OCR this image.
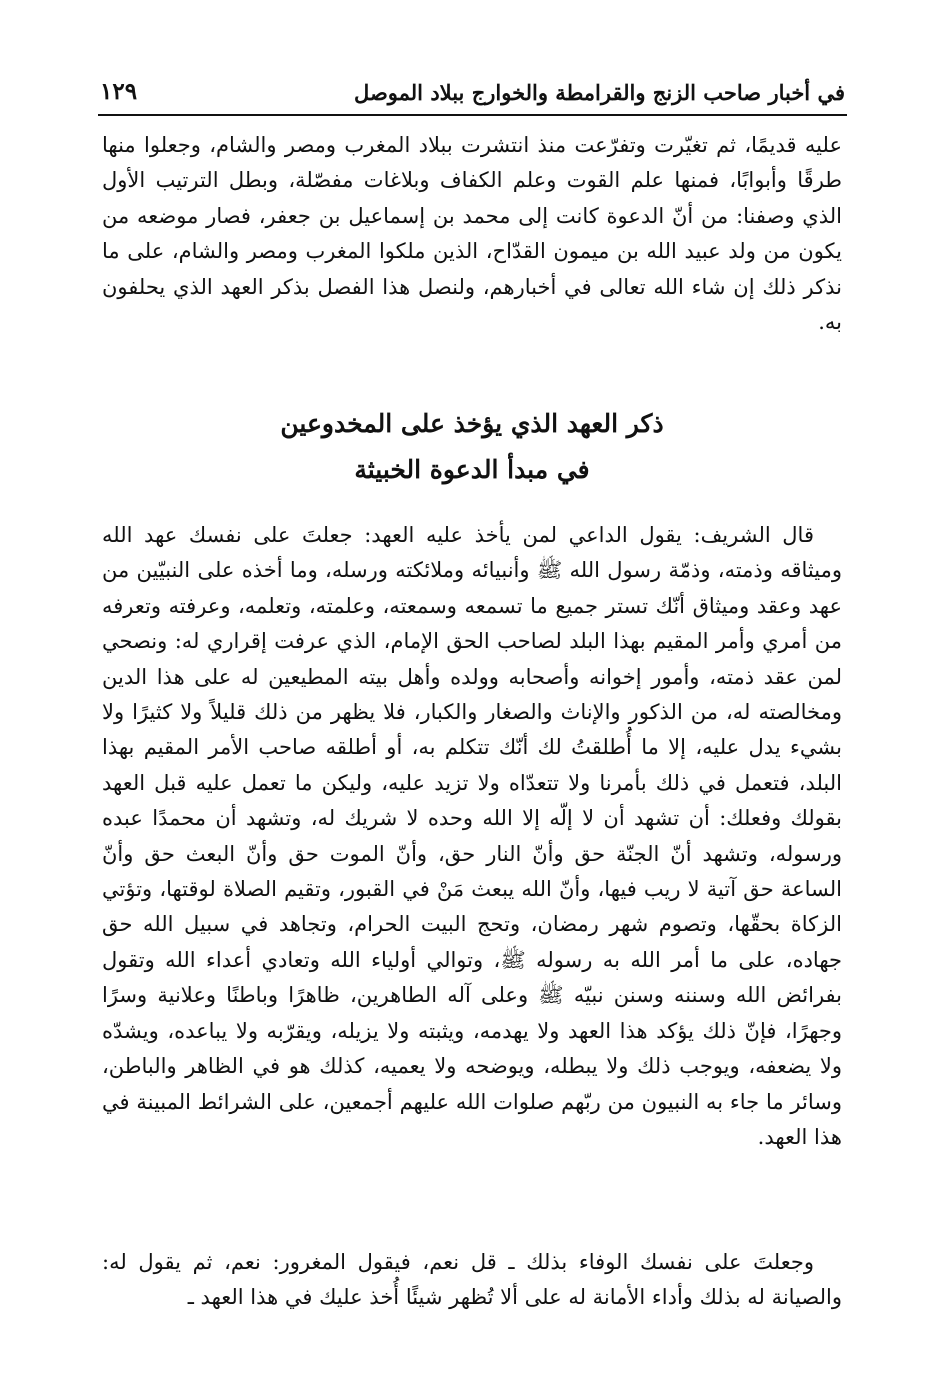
في أخبار صاحب الزنج والقرامطة والخوارج ببلاد الموصل
١٢٩

عليه قديمًا، ثم تغيّرت وتفرّعت منذ انتشرت ببلاد المغرب ومصر والشام، وجعلوا منها طرقًا وأبوابًا، فمنها علم القوت وعلم الكفاف وبلاغات مفصّلة، وبطل الترتيب الأول الذي وصفنا: من أنّ الدعوة كانت إلى محمد بن إسماعيل بن جعفر، فصار موضعه من يكون من ولد عبيد الله بن ميمون القدّاح، الذين ملكوا المغرب ومصر والشام، على ما نذكر ذلك إن شاء الله تعالى في أخبارهم، ولنصل هذا الفصل بذكر العهد الذي يحلفون به.

ذكر العهد الذي يؤخذ على المخدوعين
في مبدأ الدعوة الخبيثة

قال الشريف: يقول الداعي لمن يأخذ عليه العهد: جعلتَ على نفسك عهد الله وميثاقه وذمته، وذمّة رسول الله ﷺ وأنبيائه وملائكته ورسله، وما أخذه على النبيّين من عهد وعقد وميثاق أنّك تستر جميع ما تسمعه وسمعته، وعلمته، وتعلمه، وعرفته وتعرفه من أمري وأمر المقيم بهذا البلد لصاحب الحق الإمام، الذي عرفت إقراري له: ونصحي لمن عقد ذمته، وأمور إخوانه وأصحابه وولده وأهل بيته المطيعين له على هذا الدين ومخالصته له، من الذكور والإناث والصغار والكبار، فلا يظهر من ذلك قليلاً ولا كثيرًا ولا بشيء يدل عليه، إلا ما أُطلقتُ لك أنّك تتكلم به، أو أطلقه صاحب الأمر المقيم بهذا البلد، فتعمل في ذلك بأمرنا ولا تتعدّاه ولا تزيد عليه، وليكن ما تعمل عليه قبل العهد بقولك وفعلك: أن تشهد أن لا إلّه إلا الله وحده لا شريك له، وتشهد أن محمدًا عبده ورسوله، وتشهد أنّ الجنّة حق وأنّ النار حق، وأنّ الموت حق وأنّ البعث حق وأنّ الساعة حق آتية لا ريب فيها، وأنّ الله يبعث مَنْ في القبور، وتقيم الصلاة لوقتها، وتؤتي الزكاة بحقّها، وتصوم شهر رمضان، وتحج البيت الحرام، وتجاهد في سبيل الله حق جهاده، على ما أمر الله به رسوله ﷺ، وتوالي أولياء الله وتعادي أعداء الله وتقول بفرائض الله وسننه وسنن نبيّه ﷺ وعلى آله الطاهرين، ظاهرًا وباطنًا وعلانية وسرًا وجهرًا، فإنّ ذلك يؤكد هذا العهد ولا يهدمه، ويثبته ولا يزيله، ويقرّبه ولا يباعده، ويشدّه ولا يضعفه، ويوجب ذلك ولا يبطله، ويوضحه ولا يعميه، كذلك هو في الظاهر والباطن، وسائر ما جاء به النبيون من ربّهم صلوات الله عليهم أجمعين، على الشرائط المبينة في هذا العهد.

وجعلتَ على نفسك الوفاء بذلك ـ قل نعم، فيقول المغرور: نعم، ثم يقول له: والصيانة له بذلك وأداء الأمانة له على ألا تُظهر شيئًا أُخذ عليك في هذا العهد ـ
